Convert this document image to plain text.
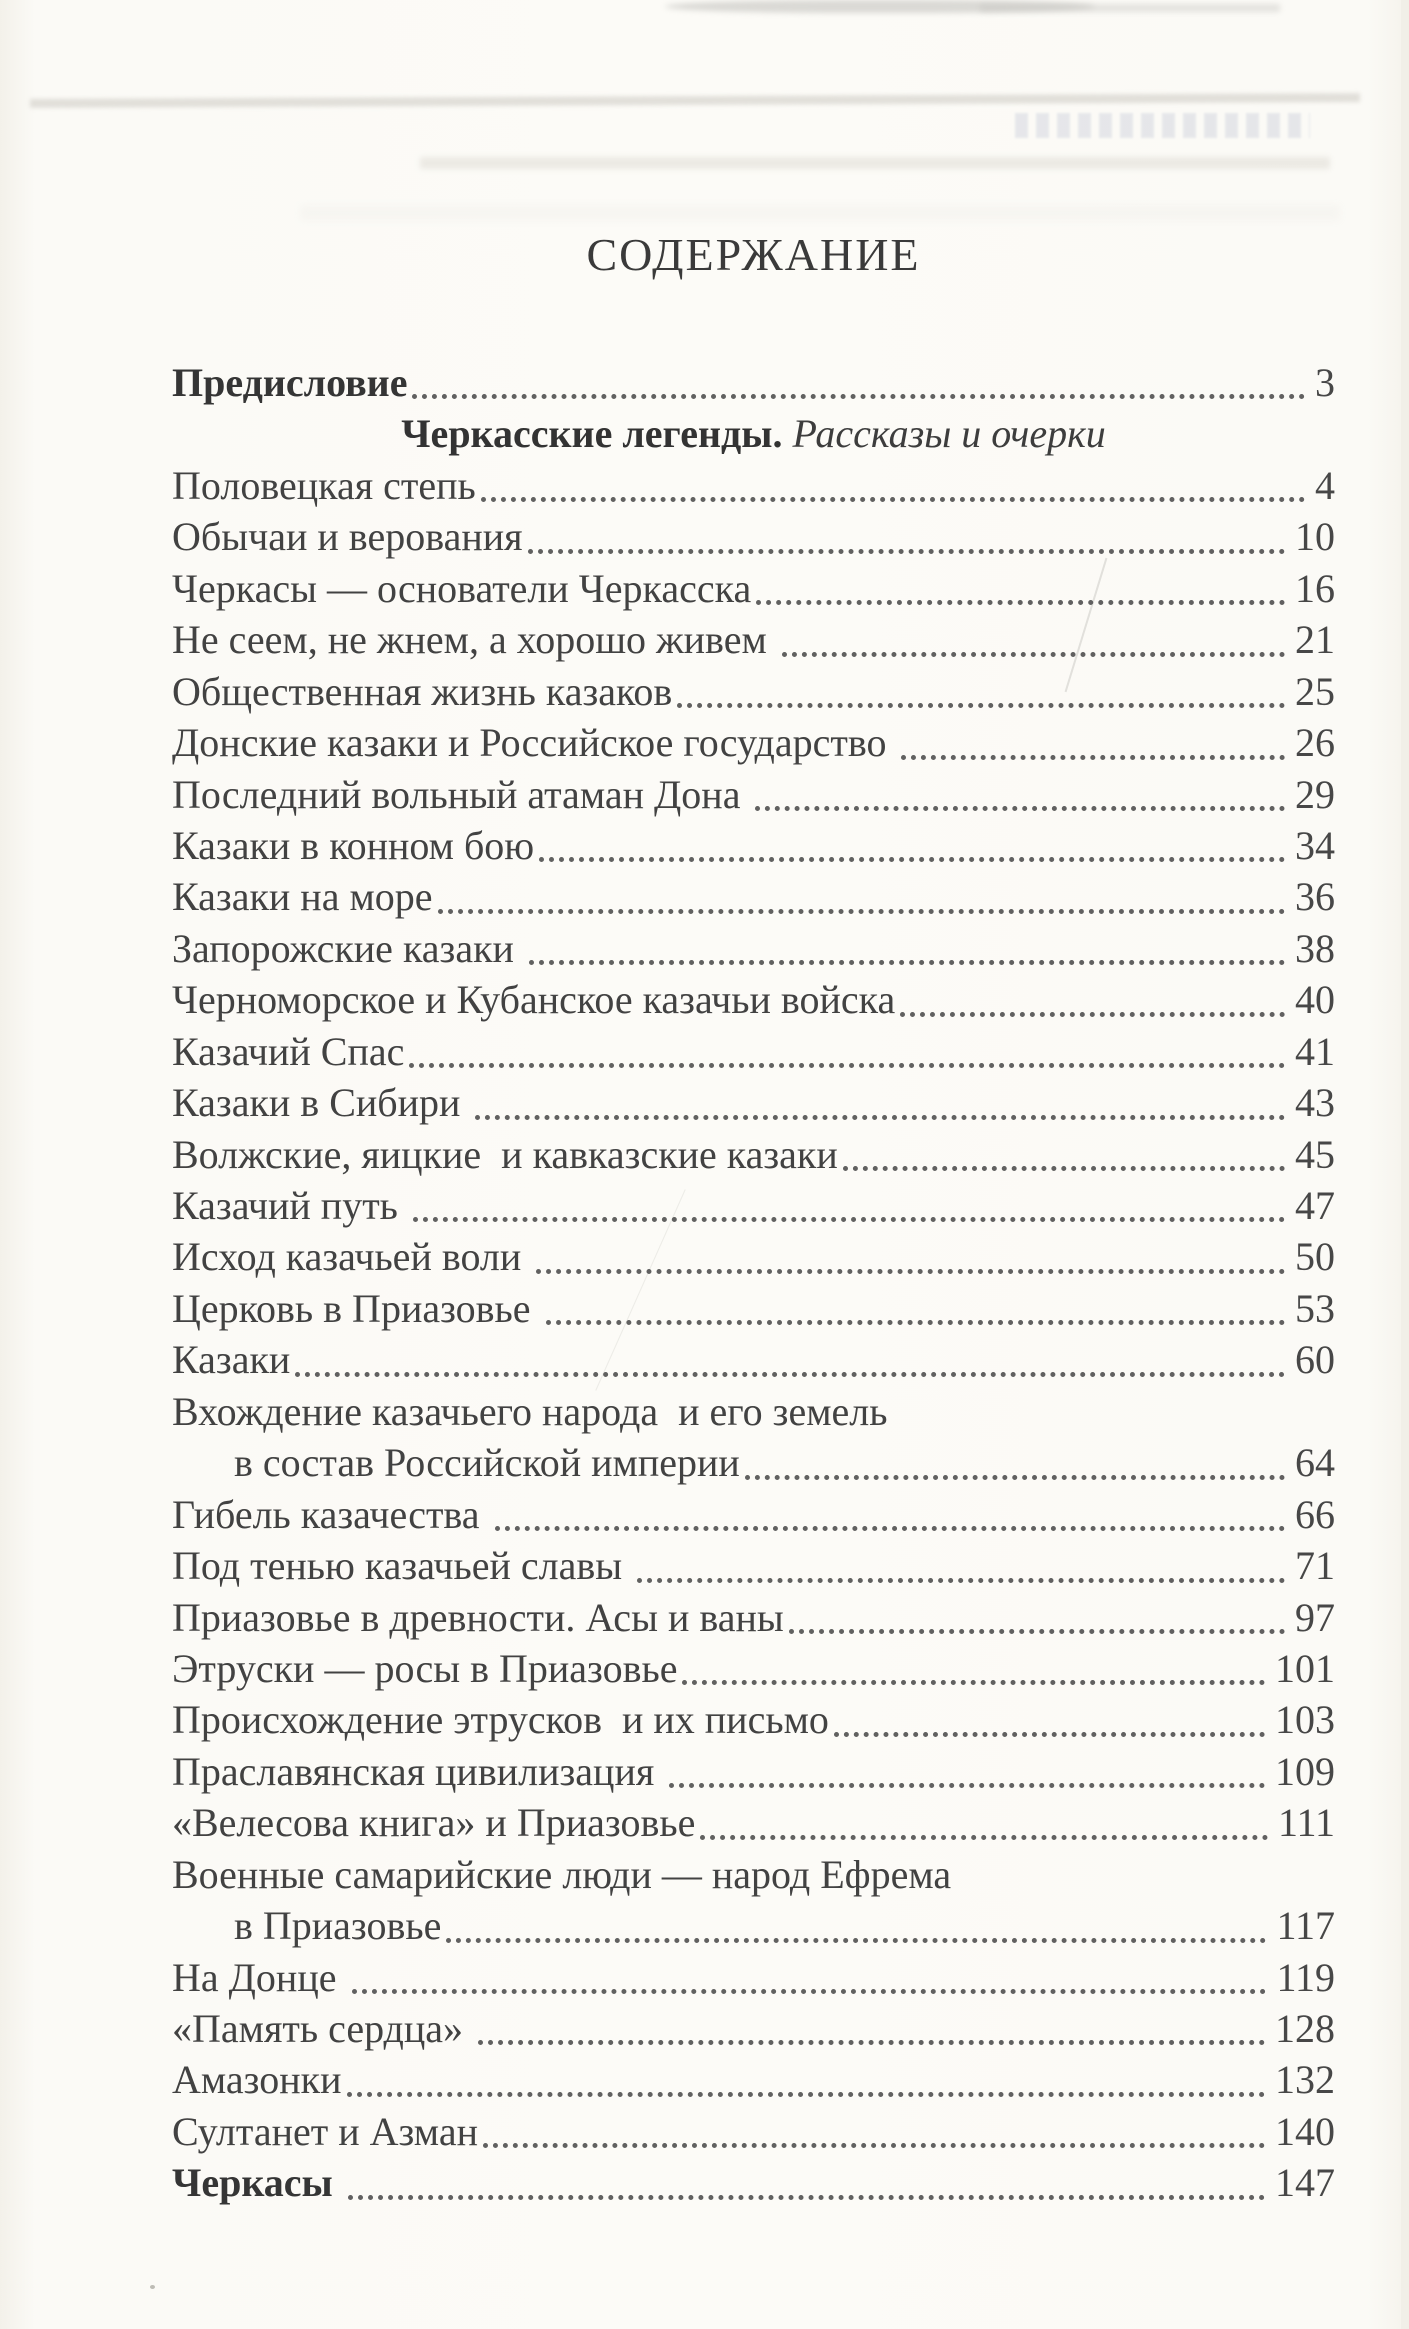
СОДЕРЖАНИЕ
Предисловие	3
Черкасские легенды. Рассказы и очерки
Половецкая степь	4
Обычаи и верования	10
Черкасы — основатели Черкасска	16
Не сеем, не жнем, а хорошо живем	21
Общественная жизнь казаков	25
Донские казаки и Российское государство	26
Последний вольный атаман Дона	29
Казаки в конном бою	34
Казаки на море	36
Запорожские казаки	38
Черноморское и Кубанское казачьи войска	40
Казачий Спас	41
Казаки в Сибири	43
Волжские, яицкие  и кавказские казаки	45
Казачий путь	47
Исход казачьей воли	50
Церковь в Приазовье	53
Казаки	60
Вхождение казачьего народа  и его земель
в состав Российской империи	64
Гибель казачества	66
Под тенью казачьей славы	71
Приазовье в древности. Асы и ваны	97
Этруски — росы в Приазовье	101
Происхождение этрусков  и их письмо	103
Праславянская цивилизация	109
«Велесова книга» и Приазовье	111
Военные самарийские люди — народ Ефрема
в Приазовье	117
На Донце	119
«Память сердца»	128
Амазонки	132
Султанет и Азман	140
Черкасы	147
